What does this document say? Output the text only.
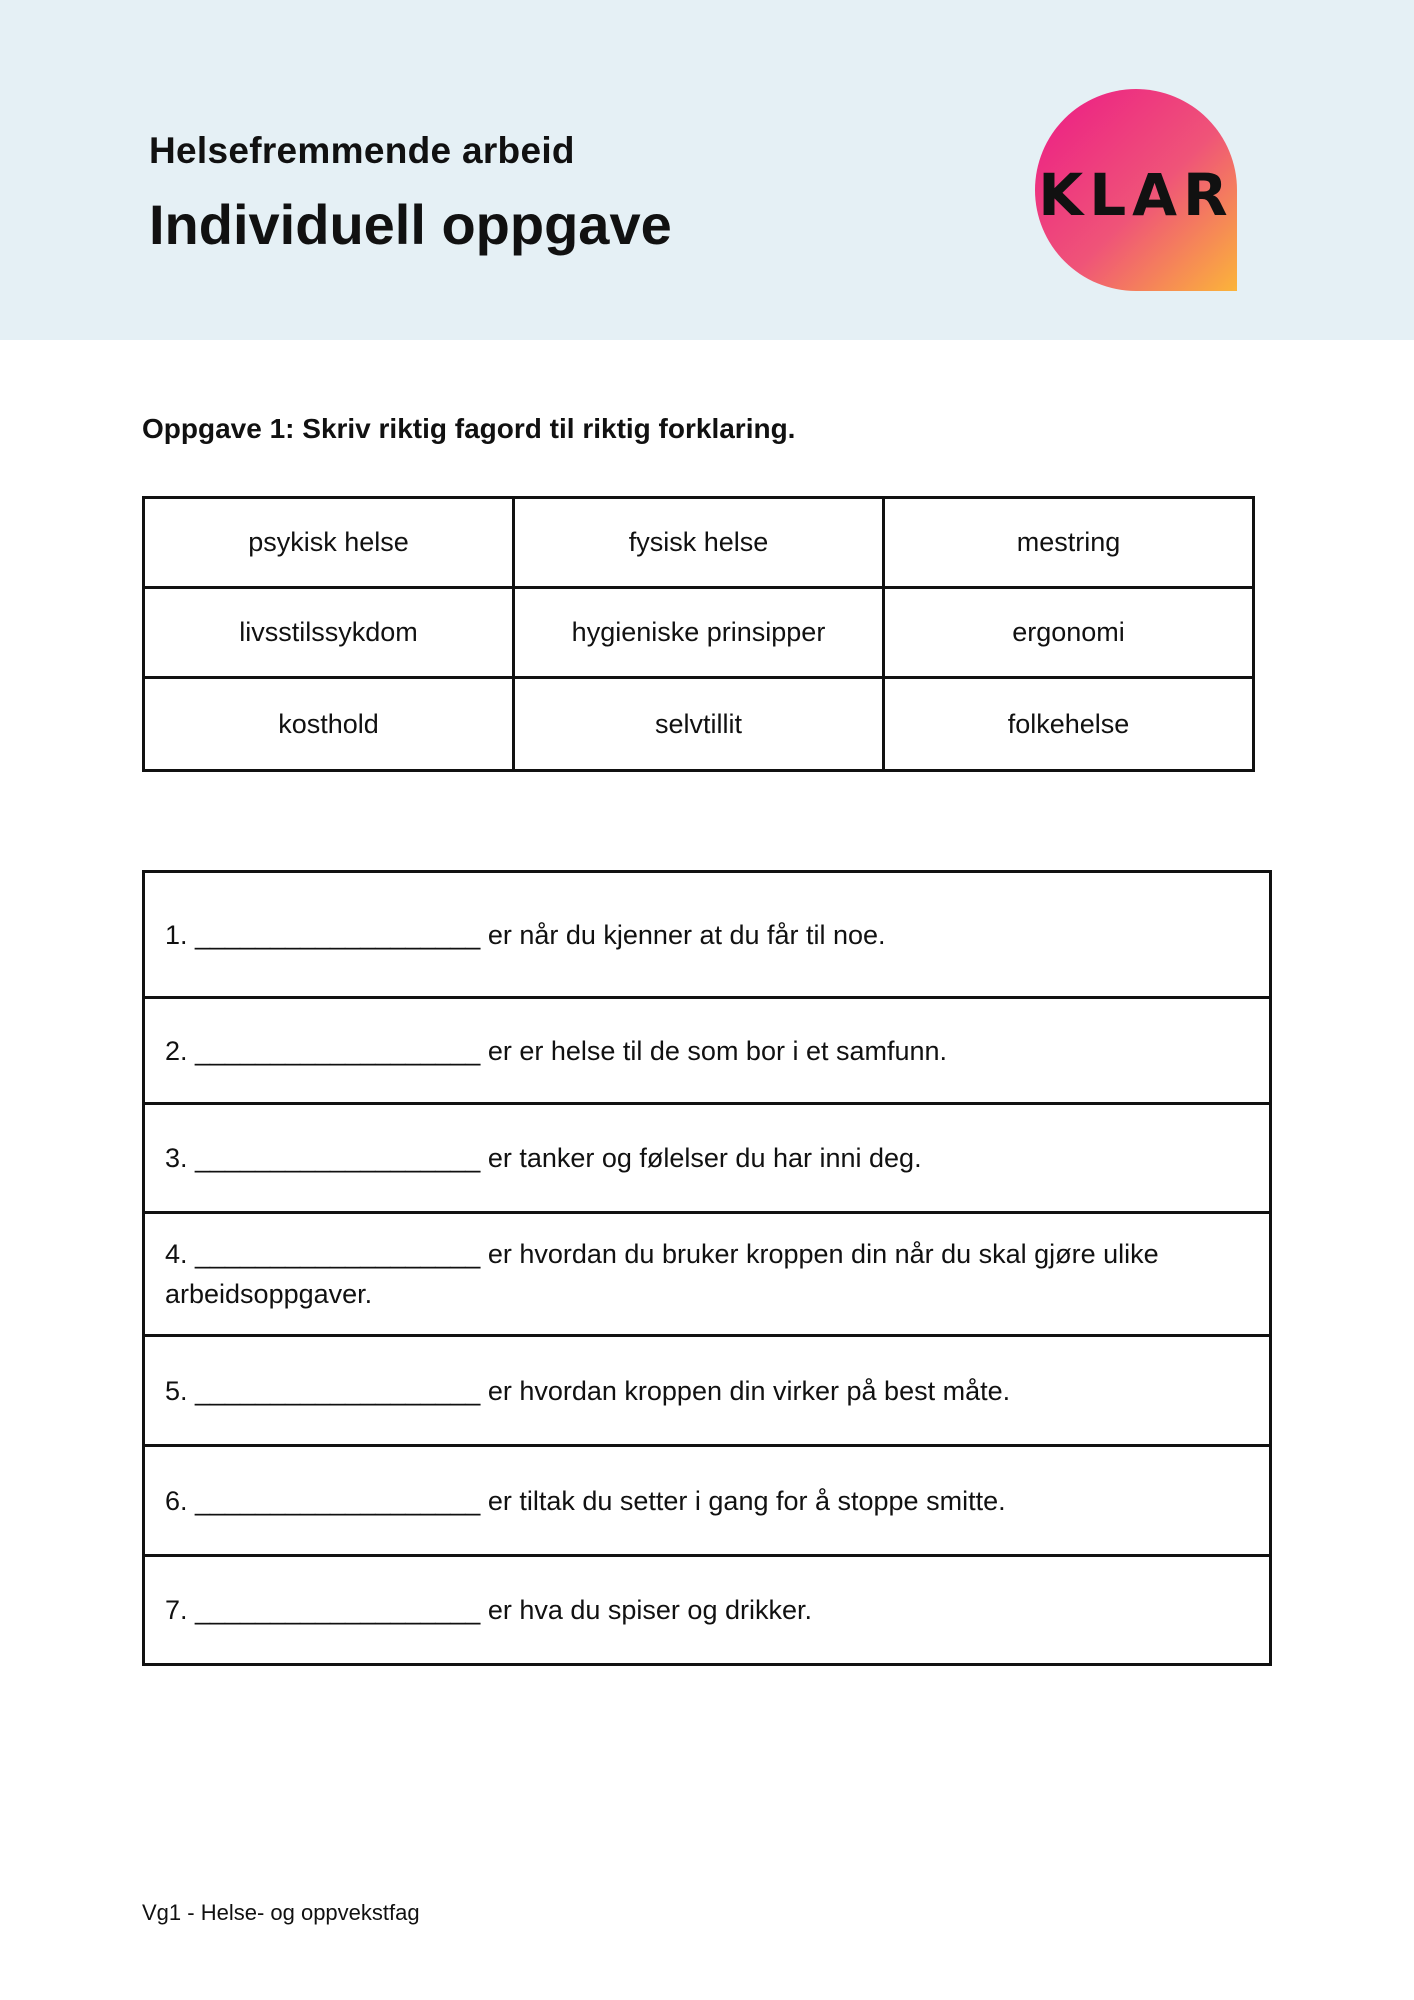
Helsefremmende arbeid
Individuell oppgave	KLAR
Oppgave 1: Skriv riktig fagord til riktig forklaring.
psykisk helse	fysisk helse	mestring
livsstilssykdom	hygieniske prinsipper	ergonomi
kosthold	selvtillit	folkehelse
1. ___________________ er når du kjenner at du får til noe.
2. ___________________ er er helse til de som bor i et samfunn.
3. ___________________ er tanker og følelser du har inni deg.
4. ___________________ er hvordan du bruker kroppen din når du skal gjøre ulike arbeidsoppgaver.
5. ___________________ er hvordan kroppen din virker på best måte.
6. ___________________ er tiltak du setter i gang for å stoppe smitte.
7. ___________________ er hva du spiser og drikker.
Vg1 - Helse- og oppvekstfag
